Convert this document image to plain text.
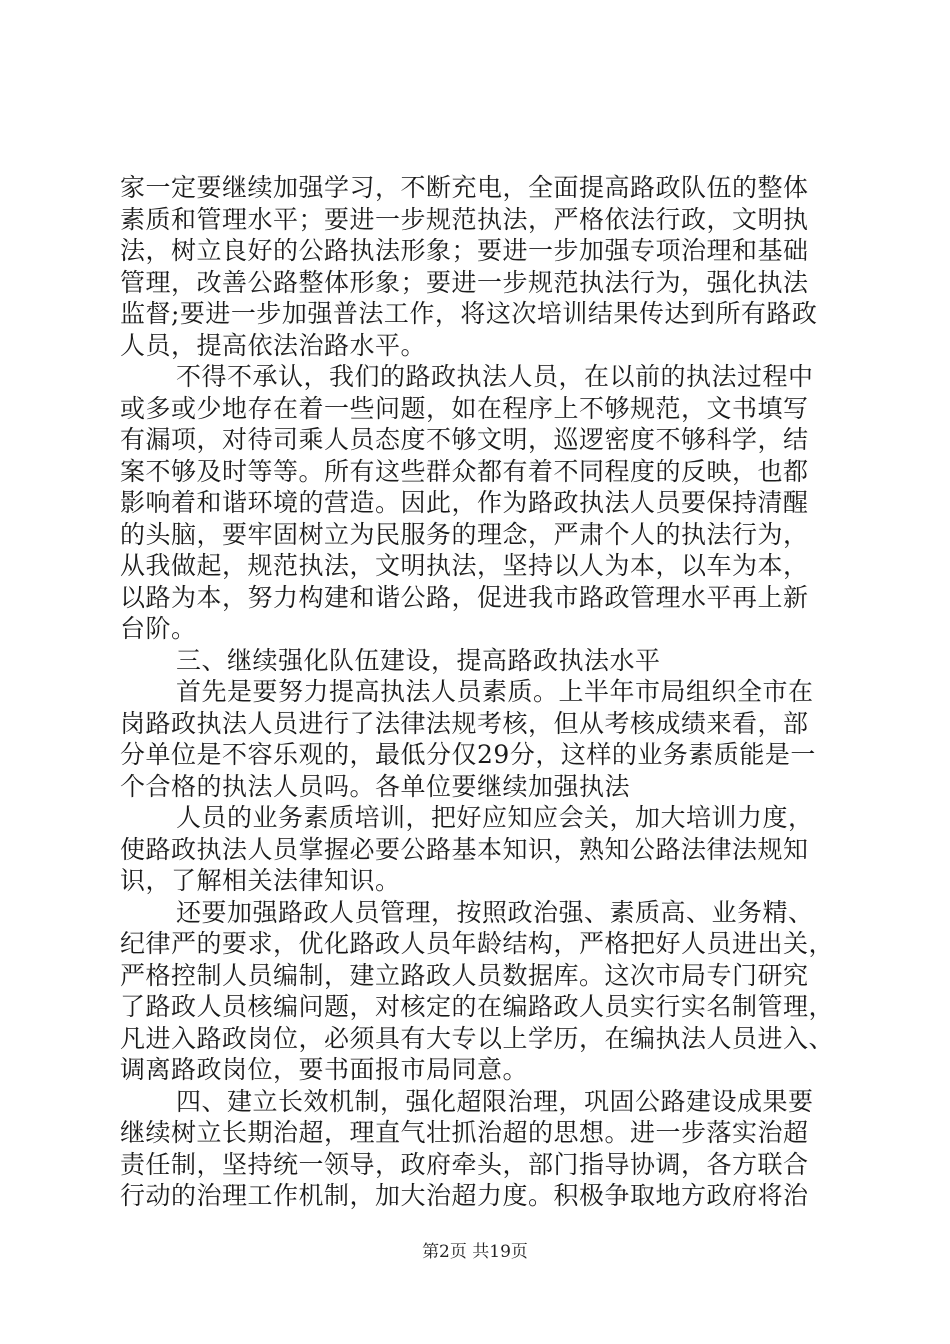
家一定要继续加强学习，不断充电，全面提高路政队伍的整体
素质和管理水平；要进一步规范执法，严格依法行政，文明执
法，树立良好的公路执法形象；要进一步加强专项治理和基础
管理，改善公路整体形象；要进一步规范执法行为，强化执法
监督;要进一步加强普法工作，将这次培训结果传达到所有路政
人员，提高依法治路水平。
不得不承认，我们的路政执法人员，在以前的执法过程中
或多或少地存在着一些问题，如在程序上不够规范，文书填写
有漏项，对待司乘人员态度不够文明，巡逻密度不够科学，结
案不够及时等等。所有这些群众都有着不同程度的反映，也都
影响着和谐环境的营造。因此，作为路政执法人员要保持清醒
的头脑，要牢固树立为民服务的理念，严肃个人的执法行为，
从我做起，规范执法，文明执法，坚持以人为本，以车为本，
以路为本，努力构建和谐公路，促进我市路政管理水平再上新
台阶。
三、继续强化队伍建设，提高路政执法水平
首先是要努力提高执法人员素质。上半年市局组织全市在
岗路政执法人员进行了法律法规考核，但从考核成绩来看，部
分单位是不容乐观的，最低分仅29分，这样的业务素质能是一
个合格的执法人员吗。各单位要继续加强执法
人员的业务素质培训，把好应知应会关，加大培训力度，
使路政执法人员掌握必要公路基本知识，熟知公路法律法规知
识，了解相关法律知识。
还要加强路政人员管理，按照政治强、素质高、业务精、
纪律严的要求，优化路政人员年龄结构，严格把好人员进出关，
严格控制人员编制，建立路政人员数据库。这次市局专门研究
了路政人员核编问题，对核定的在编路政人员实行实名制管理，
凡进入路政岗位，必须具有大专以上学历，在编执法人员进入、
调离路政岗位，要书面报市局同意。
四、建立长效机制，强化超限治理，巩固公路建设成果要
继续树立长期治超，理直气壮抓治超的思想。进一步落实治超
责任制，坚持统一领导，政府牵头，部门指导协调，各方联合
行动的治理工作机制，加大治超力度。积极争取地方政府将治
第2页 共19页
